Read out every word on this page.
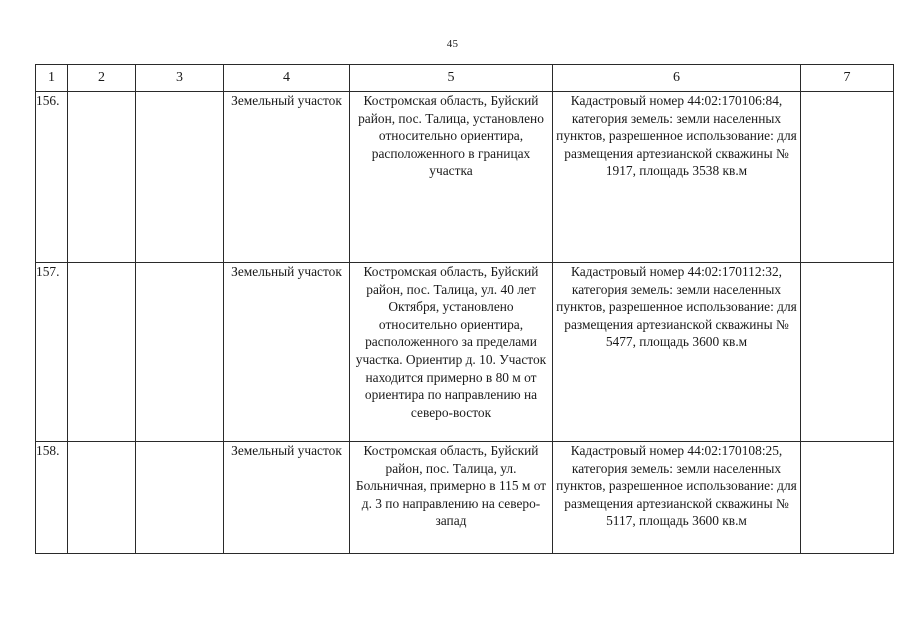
45
1	2	3	4	5	6	7
156.			Земельный участок	Костромская область, Буйский район, пос. Талица, установлено относительно ориентира, расположенного в границах участка	Кадастровый номер 44:02:170106:84, категория земель: земли населенных пунктов, разрешенное использование: для размещения артезианской скважины № 1917, площадь 3538 кв.м	
157.			Земельный участок	Костромская область, Буйский район, пос. Талица, ул. 40 лет Октября, установлено относительно ориентира, расположенного за пределами участка. Ориентир д. 10. Участок находится примерно в 80 м от ориентира по направлению на северо-восток	Кадастровый номер 44:02:170112:32, категория земель: земли населенных пунктов, разрешенное использование: для размещения артезианской скважины № 5477, площадь 3600 кв.м	
158.			Земельный участок	Костромская область, Буйский район, пос. Талица, ул. Больничная, примерно в 115 м от д. 3 по направлению на северо-запад	Кадастровый номер 44:02:170108:25, категория земель: земли населенных пунктов, разрешенное использование: для размещения артезианской скважины № 5117, площадь 3600 кв.м	
